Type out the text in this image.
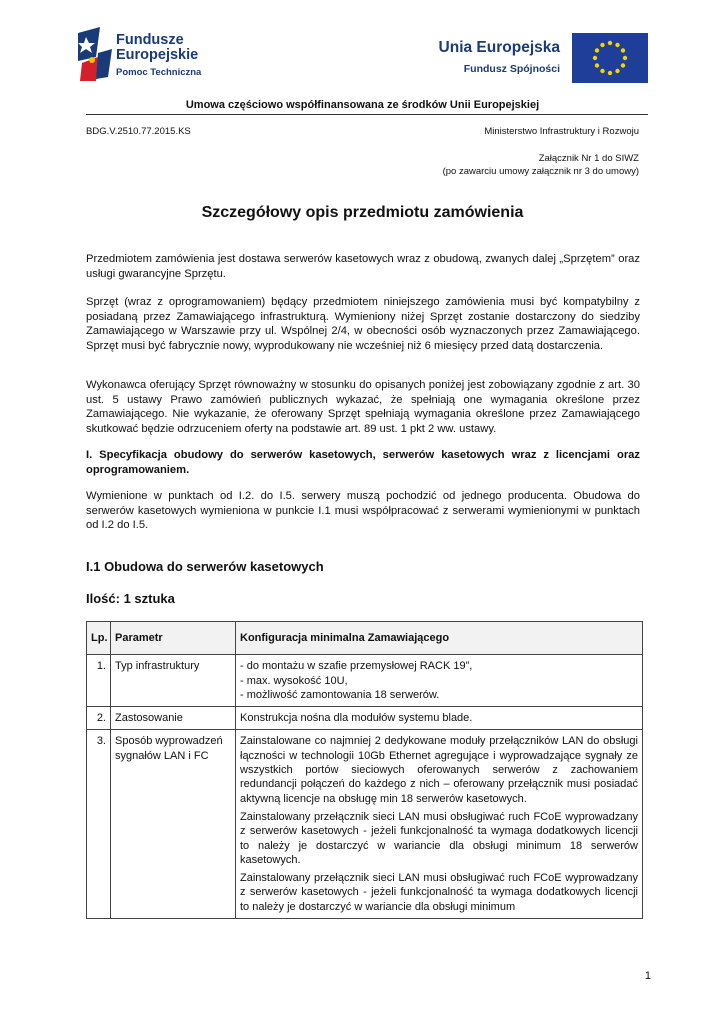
Fundusze
Europejskie
Pomoc Techniczna
Unia Europejska
Fundusz Spójności
Umowa częściowo współfinansowana ze środków Unii Europejskiej
BDG.V.2510.77.2015.KS	Ministerstwo Infrastruktury i Rozwoju
Załącznik Nr 1 do SIWZ
(po zawarciu umowy załącznik nr 3 do umowy)
Szczegółowy opis przedmiotu zamówienia
Przedmiotem zamówienia jest dostawa serwerów kasetowych wraz z obudową, zwanych dalej „Sprzętem” oraz usługi gwarancyjne Sprzętu.
Sprzęt (wraz z oprogramowaniem) będący przedmiotem niniejszego zamówienia musi być kompatybilny z posiadaną przez Zamawiającego infrastrukturą. Wymieniony niżej Sprzęt zostanie dostarczony do siedziby Zamawiającego w Warszawie przy ul. Wspólnej 2/4, w obecności osób wyznaczonych przez Zamawiającego. Sprzęt musi być fabrycznie nowy, wyprodukowany nie wcześniej niż 6 miesięcy przed datą dostarczenia.
Wykonawca oferujący Sprzęt równoważny w stosunku do opisanych poniżej jest zobowiązany zgodnie z art. 30 ust. 5 ustawy Prawo zamówień publicznych wykazać, że spełniają one wymagania określone przez Zamawiającego. Nie wykazanie, że oferowany Sprzęt spełniają wymagania określone przez Zamawiającego skutkować będzie odrzuceniem oferty na podstawie art. 89 ust. 1 pkt 2 ww. ustawy.
I. Specyfikacja obudowy do serwerów kasetowych, serwerów kasetowych wraz z licencjami oraz oprogramowaniem.
Wymienione w punktach od I.2. do I.5. serwery muszą pochodzić od jednego producenta. Obudowa do serwerów kasetowych wymieniona w punkcie I.1 musi współpracować z serwerami wymienionymi w punktach od I.2 do I.5.
I.1 Obudowa do serwerów kasetowych
Ilość: 1 sztuka
Lp.	Parametr	Konfiguracja minimalna Zamawiającego
1.	Typ infrastruktury	- do montażu w szafie przemysłowej RACK 19”,
- max. wysokość 10U,
- możliwość zamontowania 18 serwerów.

2.	Zastosowanie	Konstrukcja nośna dla modułów systemu blade.

3.	Sposób wyprowadzeń sygnałów LAN i FC	Zainstalowane co najmniej 2 dedykowane moduły przełączników LAN do obsługi łączności w technologii 10Gb Ethernet agregujące i wyprowadzające sygnały ze wszystkich portów sieciowych oferowanych serwerów z zachowaniem redundancji połączeń do każdego z nich – oferowany przełącznik musi posiadać aktywną licencje na obsługę min 18 serwerów kasetowych.
Zainstalowany przełącznik sieci LAN musi obsługiwać ruch FCoE wyprowadzany z serwerów kasetowych - jeżeli funkcjonalność ta wymaga dodatkowych licencji to należy je dostarczyć w wariancie dla obsługi minimum 18 serwerów kasetowych.
Zainstalowany przełącznik sieci LAN musi obsługiwać ruch FCoE wyprowadzany z serwerów kasetowych - jeżeli funkcjonalność ta wymaga dodatkowych licencji to należy je dostarczyć w wariancie dla obsługi minimum
1
